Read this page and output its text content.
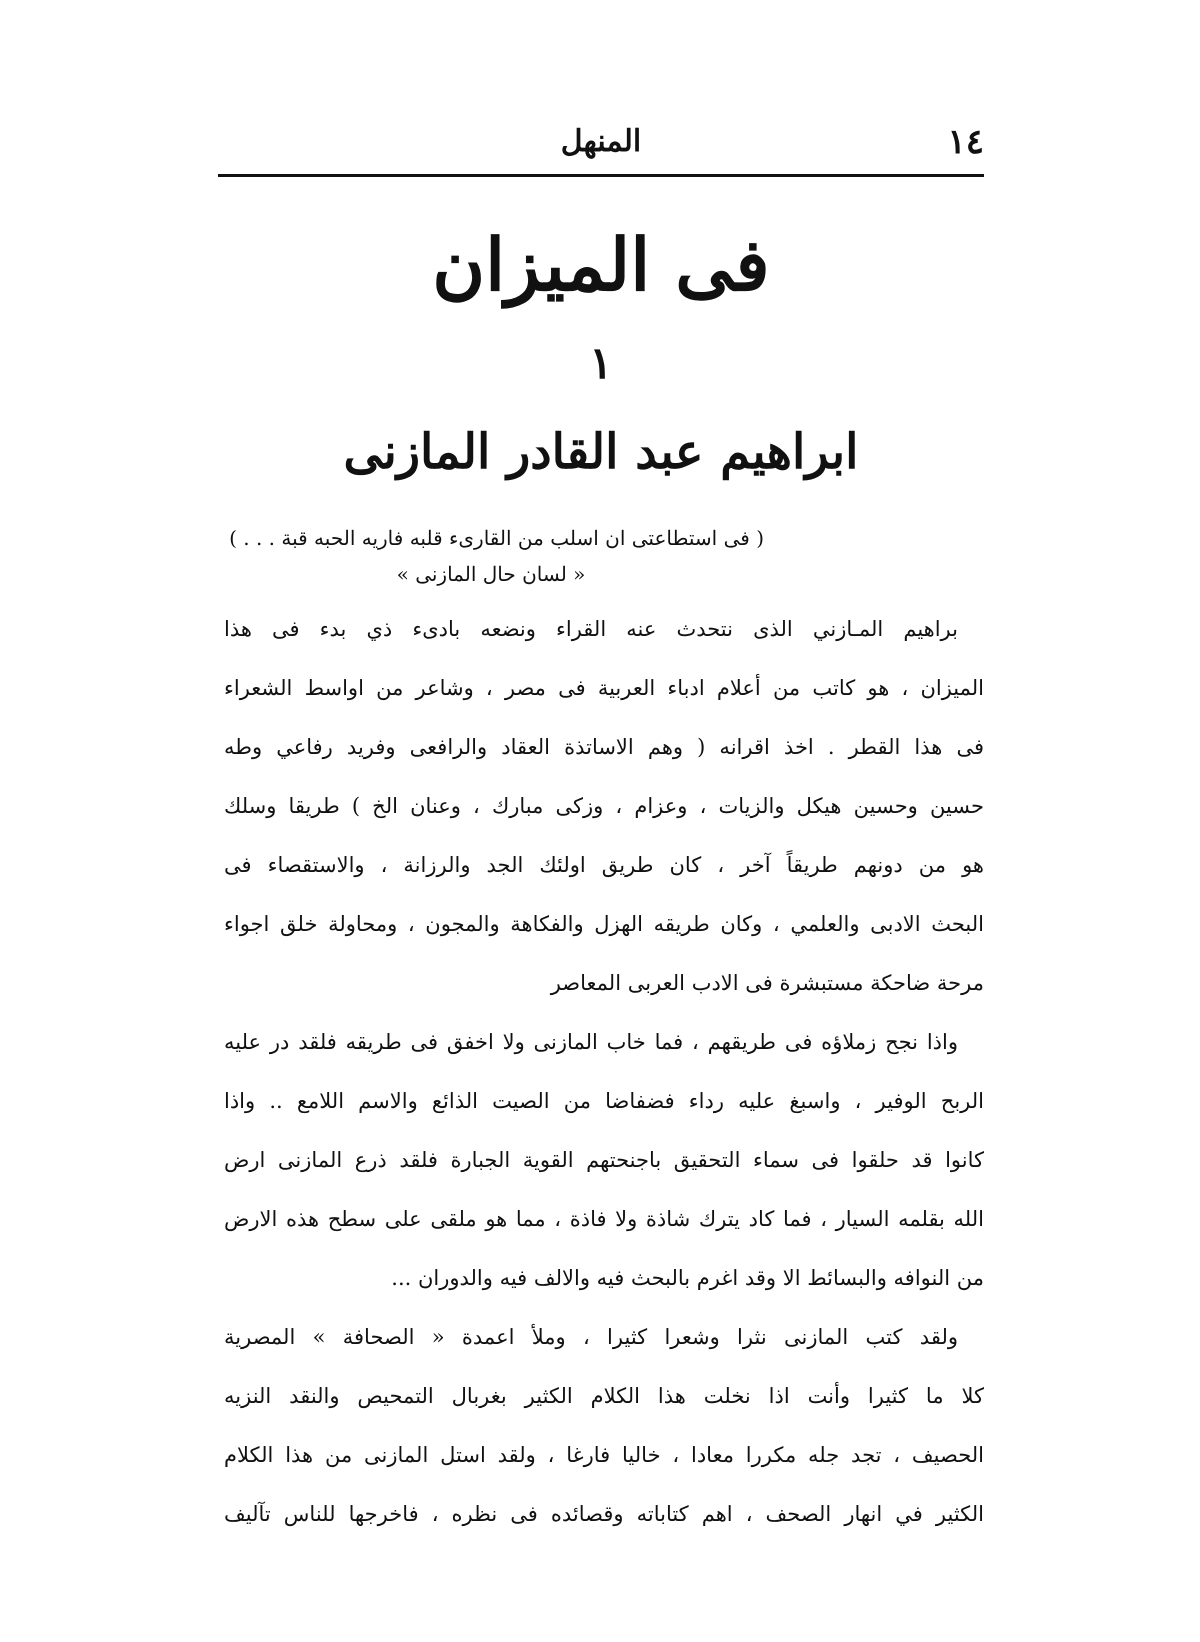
١٤
المنهل
فى الميزان
١
ابراهيم عبد القادر المازنى
( فى استطاعتى ان اسلب من القارىء قلبه فاريه الحبه قبة . . . )
« لسان حال المازنى »
براهيم المـازني الذى نتحدث عنه القراء ونضعه بادىء ذي بدء فى هذا
الميزان ، هو كاتب من أعلام ادباء العربية فى مصر ، وشاعر من اواسط الشعراء
فى هذا القطر . اخذ اقرانه ( وهم الاساتذة العقاد والرافعى وفريد رفاعي وطه
حسين وحسين هيكل والزيات ، وعزام ، وزكى مبارك ، وعنان الخ ) طريقا وسلك
هو من دونهم طريقاً آخر ، كان طريق اولئك الجد والرزانة ، والاستقصاء فى
البحث الادبى والعلمي ، وكان طريقه الهزل والفكاهة والمجون ، ومحاولة خلق اجواء
مرحة ضاحكة مستبشرة فى الادب العربى المعاصر
واذا نجح زملاؤه فى طريقهم ، فما خاب المازنى ولا اخفق فى طريقه فلقد در عليه
الربح الوفير ، واسبغ عليه رداء فضفاضا من الصيت الذائع والاسم اللامع .. واذا
كانوا قد حلقوا فى سماء التحقيق باجنحتهم القوية الجبارة فلقد ذرع المازنى ارض
الله بقلمه السيار ، فما كاد يترك شاذة ولا فاذة ، مما هو ملقى على سطح هذه الارض
من النوافه والبسائط الا وقد اغرم بالبحث فيه والالف فيه والدوران ...
ولقد كتب المازنى نثرا وشعرا كثيرا ، وملأ اعمدة « الصحافة » المصرية
كلا ما كثيرا وأنت اذا نخلت هذا الكلام الكثير بغربال التمحيص والنقد النزيه
الحصيف ، تجد جله مكررا معادا ، خاليا فارغا ، ولقد استل المازنى من هذا الكلام
الكثير في انهار الصحف ، اهم كتاباته وقصائده فى نظره ، فاخرجها للناس تآليف
